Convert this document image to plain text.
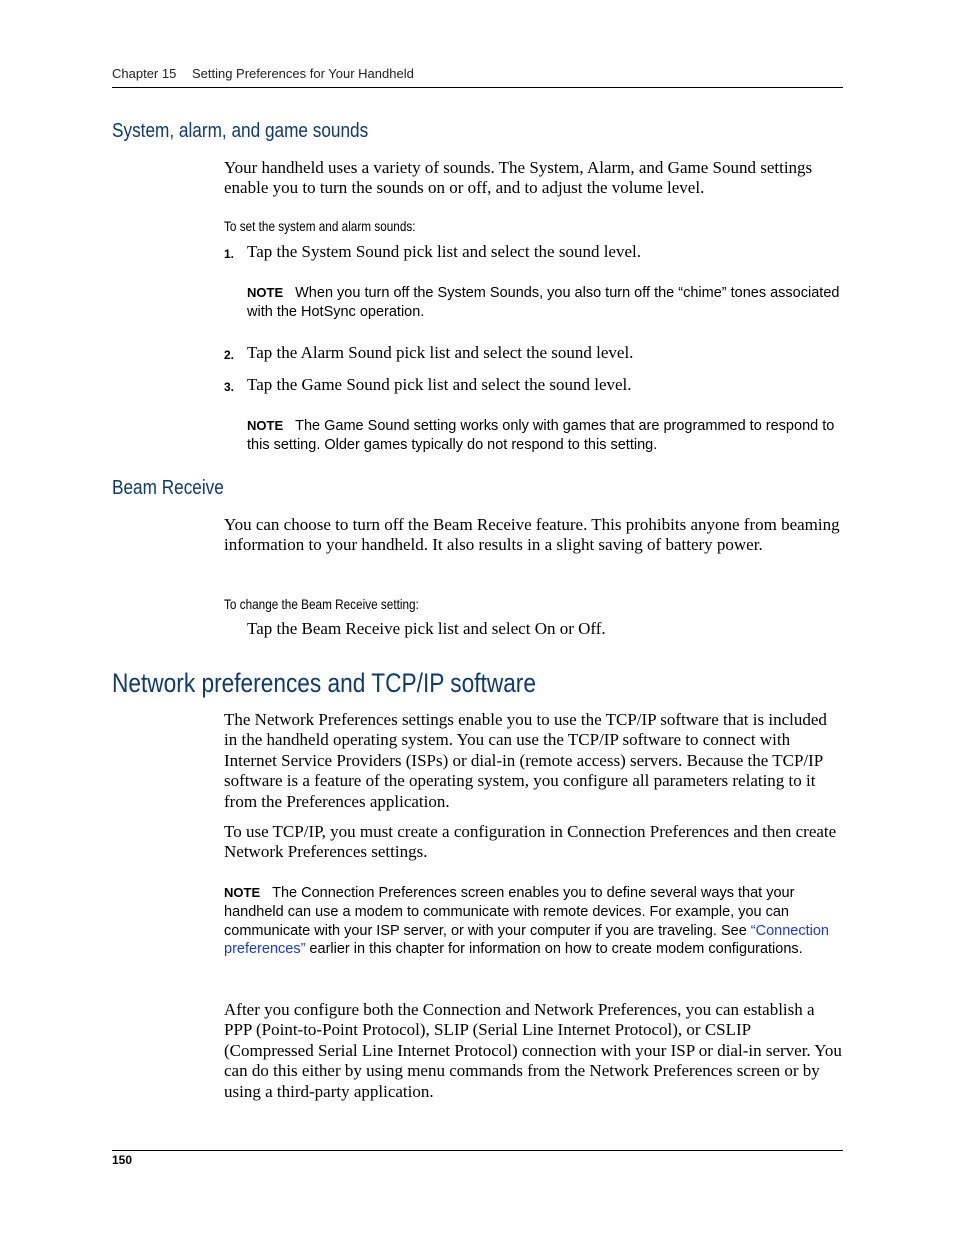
Chapter 15 Setting Preferences for Your Handheld
System, alarm, and game sounds

Your handheld uses a variety of sounds. The System, Alarm, and Game Sound settings enable you to turn the sounds on or off, and to adjust the volume level.

To set the system and alarm sounds:
1. Tap the System Sound pick list and select the sound level.

NOTE When you turn off the System Sounds, you also turn off the “chime” tones associated with the HotSync operation.

2. Tap the Alarm Sound pick list and select the sound level.
3. Tap the Game Sound pick list and select the sound level.

NOTE The Game Sound setting works only with games that are programmed to respond to this setting. Older games typically do not respond to this setting.

Beam Receive

You can choose to turn off the Beam Receive feature. This prohibits anyone from beaming information to your handheld. It also results in a slight saving of battery power.

To change the Beam Receive setting:
Tap the Beam Receive pick list and select On or Off.
Network preferences and TCP/IP software

The Network Preferences settings enable you to use the TCP/IP software that is included in the handheld operating system. You can use the TCP/IP software to connect with Internet Service Providers (ISPs) or dial-in (remote access) servers. Because the TCP/IP software is a feature of the operating system, you configure all parameters relating to it from the Preferences application.

To use TCP/IP, you must create a configuration in Connection Preferences and then create Network Preferences settings.

NOTE The Connection Preferences screen enables you to define several ways that your handheld can use a modem to communicate with remote devices. For example, you can communicate with your ISP server, or with your computer if you are traveling. See “Connection preferences” earlier in this chapter for information on how to create modem configurations.

After you configure both the Connection and Network Preferences, you can establish a PPP (Point-to-Point Protocol), SLIP (Serial Line Internet Protocol), or CSLIP (Compressed Serial Line Internet Protocol) connection with your ISP or dial-in server. You can do this either by using menu commands from the Network Preferences screen or by using a third-party application.

150
